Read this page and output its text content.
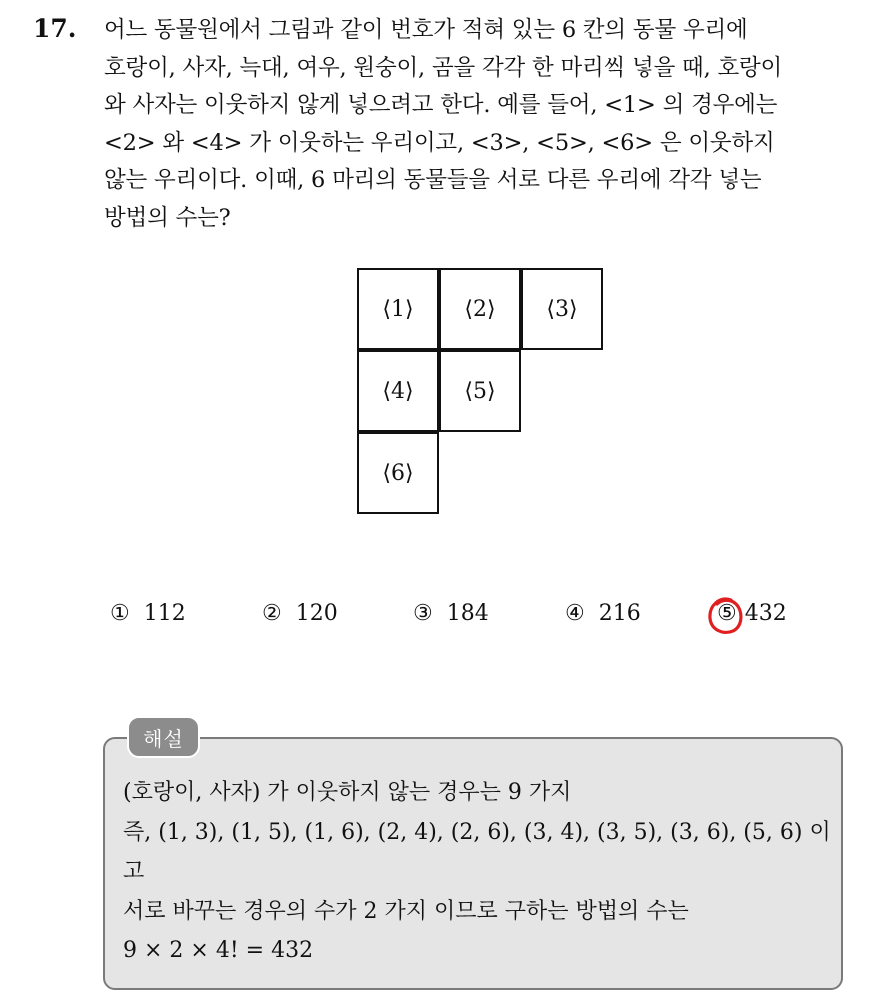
17. 어느 동물원에서 그림과 같이 번호가 적혀 있는 6 칸의 동물 우리에
호랑이, 사자, 늑대, 여우, 원숭이, 곰을 각각 한 마리씩 넣을 때, 호랑이
와 사자는 이웃하지 않게 넣으려고 한다. 예를 들어, <1> 의 경우에는
<2> 와 <4> 가 이웃하는 우리이고, <3>, <5>, <6> 은 이웃하지
않는 우리이다. 이때, 6 마리의 동물들을 서로 다른 우리에 각각 넣는
방법의 수는?
⟨1⟩	⟨2⟩	⟨3⟩
⟨4⟩	⟨5⟩
⟨6⟩
① 112	② 120	③ 184	④ 216	⑤ 432
해설
(호랑이, 사자) 가 이웃하지 않는 경우는 9 가지
즉, (1, 3), (1, 5), (1, 6), (2, 4), (2, 6), (3, 4), (3, 5), (3, 6), (5, 6) 이
고
서로 바꾸는 경우의 수가 2 가지 이므로 구하는 방법의 수는
9 × 2 × 4! = 432
